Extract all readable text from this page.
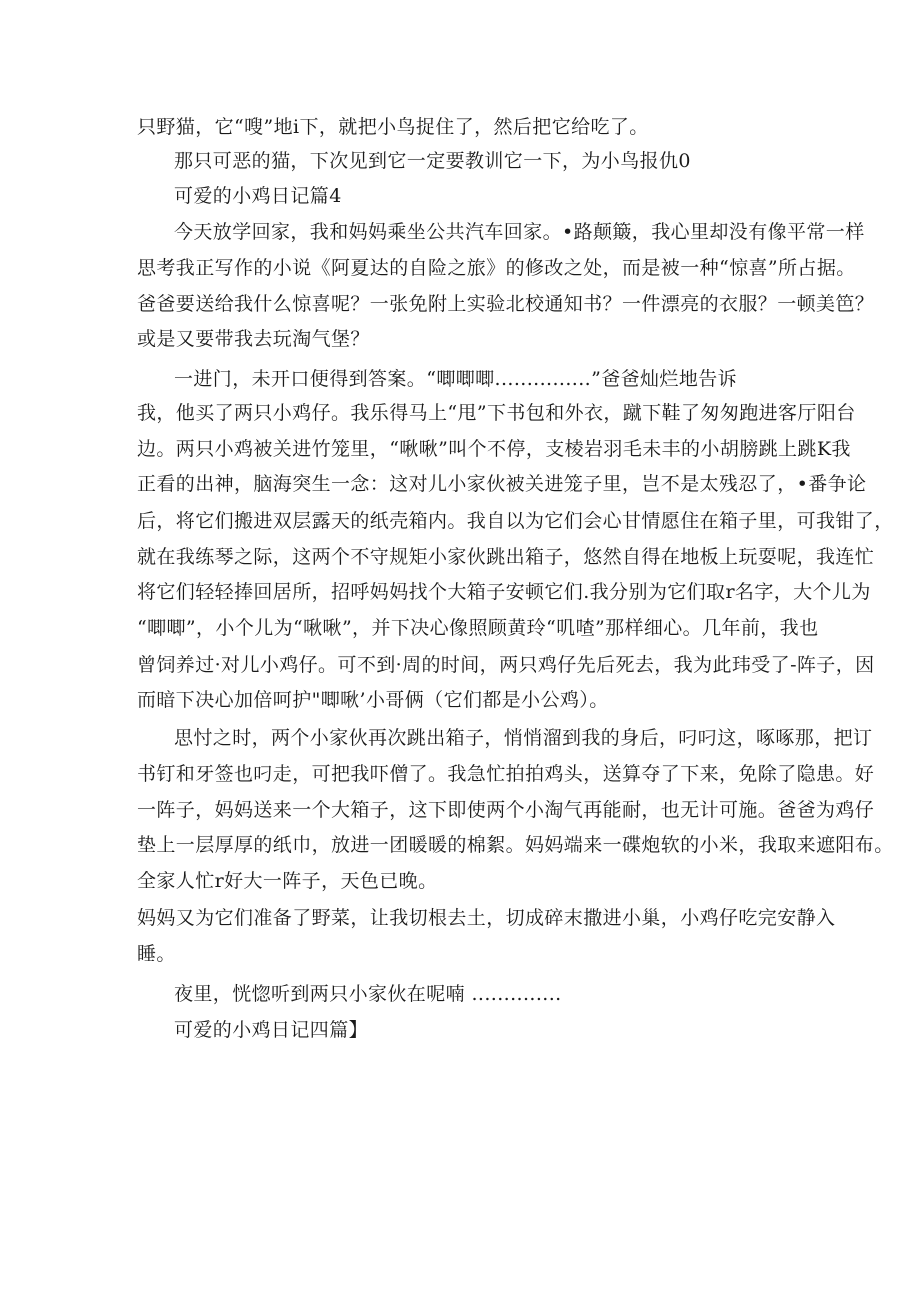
只野猫，它“嗖”地i下，就把小鸟捉住了，然后把它给吃了。
那只可恶的猫，下次见到它一定要教训它一下，为小鸟报仇0
可爱的小鸡日记篇4
今天放学回家，我和妈妈乘坐公共汽车回家。•路颠簸，我心里却没有像平常一样
思考我正写作的小说《阿夏达的自险之旅》的修改之处，而是被一种“惊喜”所占据。
爸爸要送给我什么惊喜呢？一张免附上实验北校通知书？一件漂亮的衣服？一顿美笆？
或是又要带我去玩淘气堡？
一进门，未开口便得到答案。“唧唧唧...............”爸爸灿烂地告诉
我，他买了两只小鸡仔。我乐得马上“甩”下书包和外衣，蹴下鞋了匆匆跑进客厅阳台
边。两只小鸡被关进竹笼里，“啾啾”叫个不停，支棱岩羽毛未丰的小胡膀跳上跳K我
正看的出神，脑海突生一念：这对儿小家伙被关进笼子里，岂不是太残忍了，•番争论
后，将它们搬进双层露天的纸壳箱内。我自以为它们会心甘情愿住在箱子里，可我钳了，
就在我练琴之际，这两个不守规矩小家伙跳出箱子，悠然自得在地板上玩耍呢，我连忙
将它们轻轻捧回居所，招呼妈妈找个大箱子安顿它们.我分别为它们取r名字，大个儿为
“唧唧”，小个儿为“啾啾”，并下决心像照顾黄玲“叽喳”那样细心。几年前，我也
曾饲养过·对儿小鸡仔。可不到·周的时间，两只鸡仔先后死去，我为此玮受了-阵子，因
而暗下决心加倍呵护"唧啾’小哥俩（它们都是小公鸡）。
思忖之时，两个小家伙再次跳出箱子，悄悄溜到我的身后，叼叼这，啄啄那，把订
书钉和牙签也叼走，可把我吓僧了。我急忙拍拍鸡头，送算夺了下来，免除了隐患。好
一阵子，妈妈送来一个大箱子，这下即使两个小淘气再能耐，也无计可施。爸爸为鸡仔
垫上一层厚厚的纸巾，放进一团暖暖的棉絮。妈妈端来一碟炮软的小米，我取来遮阳布。
全家人忙r好大一阵子，天色已晚。
妈妈又为它们准备了野菜，让我切根去土，切成碎末撒进小巢，小鸡仔吃完安静入
睡。
夜里，恍惚听到两只小家伙在呢喃 ..............
可爱的小鸡日记四篇】
